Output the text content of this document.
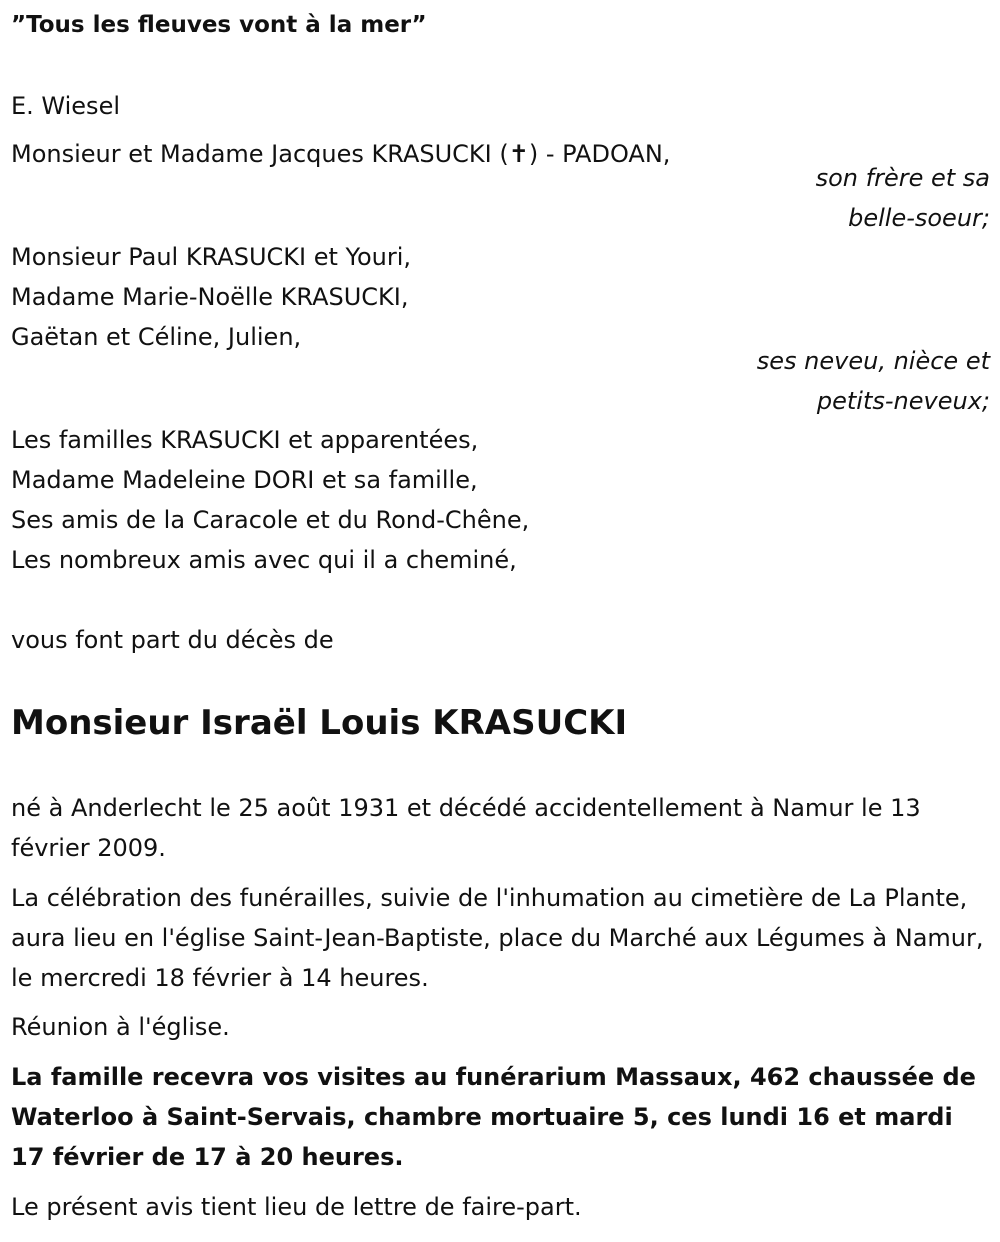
”Tous les fleuves vont à la mer”
E. Wiesel
Monsieur et Madame Jacques KRASUCKI (✝) - PADOAN,
son frère et sa
belle-soeur;
Monsieur Paul KRASUCKI et Youri,
Madame Marie-Noëlle KRASUCKI,
Gaëtan et Céline, Julien,
ses neveu, nièce et
petits-neveux;
Les familles KRASUCKI et apparentées,
Madame Madeleine DORI et sa famille,
Ses amis de la Caracole et du Rond-Chêne,
Les nombreux amis avec qui il a cheminé,
vous font part du décès de
Monsieur Israël Louis KRASUCKI
né à Anderlecht le 25 août 1931 et décédé accidentellement à Namur le 13 février 2009.
La célébration des funérailles, suivie de l'inhumation au cimetière de La Plante, aura lieu en l'église Saint-Jean-Baptiste, place du Marché aux Légumes à Namur, le mercredi 18 février à 14 heures.
Réunion à l'église.
La famille recevra vos visites au funérarium Massaux, 462 chaussée de Waterloo à Saint-Servais, chambre mortuaire 5, ces lundi 16 et mardi 17 février de 17 à 20 heures.
Le présent avis tient lieu de lettre de faire-part.
